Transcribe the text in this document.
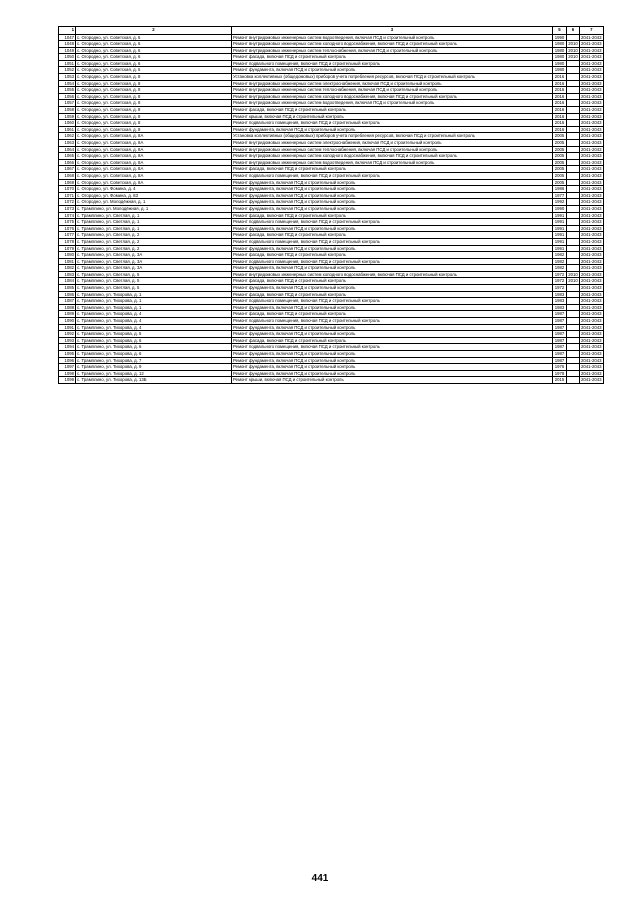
1	2	3	5	6	7
1047	с. Огородно, ул. Советская, д. 6	Ремонт внутридомовых инженерных систем водоотведения, включая ПСД и строительный контроль	1990		2041-2043
1048	с. Огородно, ул. Советская, д. 6	Ремонт внутридомовых инженерных систем холодного водоснабжения, включая ПСД и строительный контроль	1980	2010	2041-2043
1049	с. Огородно, ул. Советская, д. 6	Ремонт внутридомовых инженерных систем теплоснабжения, включая ПСД и строительный контроль	1980	2010	2041-2043
1050	с. Огородно, ул. Советская, д. 6	Ремонт фасада, включая ПСД и строительный контроль	1980	2010	2041-2043
1051	с. Огородно, ул. Советская, д. 6	Ремонт подвального помещения, включая ПСД и строительный контроль	1980		2041-2043
1052	с. Огородно, ул. Советская, д. 6	Ремонт фундамента, включая ПСД и строительный контроль	1980		2041-2043
1053	с. Огородно, ул. Советская, д. 8	Установка коллективных (общедомовых) приборов учета потребления ресурсов, включая ПСД и строительный контроль	2016		2041-2043
1054	с. Огородно, ул. Советская, д. 8	Ремонт внутридомовых инженерных систем электроснабжения, включая ПСД и строительный контроль	2016		2041-2043
1055	с. Огородно, ул. Советская, д. 8	Ремонт внутридомовых инженерных систем теплоснабжения, включая ПСД и строительный контроль	2016		2041-2043
1056	с. Огородно, ул. Советская, д. 8	Ремонт внутридомовых инженерных систем холодного водоснабжения, включая ПСД и строительный контроль	2016		2041-2043
1057	с. Огородно, ул. Советская, д. 8	Ремонт внутридомовых инженерных систем водоотведения, включая ПСД и строительный контроль	2016		2041-2043
1058	с. Огородно, ул. Советская, д. 8	Ремонт фасада, включая ПСД и строительный контроль	2016		2041-2043
1059	с. Огородно, ул. Советская, д. 8	Ремонт крыши, включая ПСД и строительный контроль	2016		2041-2043
1060	с. Огородно, ул. Советская, д. 8	Ремонт подвального помещения, включая ПСД и строительный контроль	2016		2041-2043
1061	с. Огородно, ул. Советская, д. 8	Ремонт фундамента, включая ПСД и строительный контроль	2016		2041-2043
1062	с. Огородно, ул. Советская, д. 8А	Установка коллективных (общедомовых) приборов учета потребления ресурсов, включая ПСД и строительный контроль	2005		2041-2043
1063	с. Огородно, ул. Советская, д. 8А	Ремонт внутридомовых инженерных систем электроснабжения, включая ПСД и строительный контроль	2005		2041-2043
1064	с. Огородно, ул. Советская, д. 8А	Ремонт внутридомовых инженерных систем теплоснабжения, включая ПСД и строительный контроль	2005		2041-2043
1065	с. Огородно, ул. Советская, д. 8А	Ремонт внутридомовых инженерных систем холодного водоснабжения, включая ПСД и строительный контроль	2005		2041-2043
1066	с. Огородно, ул. Советская, д. 8А	Ремонт внутридомовых инженерных систем водоотведения, включая ПСД и строительный контроль	2005		2041-2043
1067	с. Огородно, ул. Советская, д. 8А	Ремонт фасада, включая ПСД и строительный контроль	2005		2041-2043
1068	с. Огородно, ул. Советская, д. 8А	Ремонт подвального помещения, включая ПСД и строительный контроль	2005		2041-2043
1069	с. Огородно, ул. Советская, д. 8А	Ремонт фундамента, включая ПСД и строительный контроль	2005		2041-2043
1070	с. Огородно, ул. Фомина, д. 4	Ремонт фундамента, включая ПСД и строительный контроль	1986		2041-2043
1071	с. Огородно, ул. Фомина, д. 8З	Ремонт фундамента, включая ПСД и строительный контроль	1977		2041-2043
1072	с. Огородно, ул. Молодёжная, д. 1	Ремонт фундамента, включая ПСД и строительный контроль	1992		2041-2043
1073	с. Трамплино, ул. Молодёжная, д. 1	Ремонт фундамента, включая ПСД и строительный контроль	1990		2041-2043
1074	с. Трамплино, ул. Светлая, д. 1	Ремонт фасада, включая ПСД и строительный контроль	1991		2041-2043
1075	с. Трамплино, ул. Светлая, д. 1	Ремонт подвального помещения, включая ПСД и строительный контроль	1991		2041-2043
1076	с. Трамплино, ул. Светлая, д. 1	Ремонт фундамента, включая ПСД и строительный контроль	1991		2041-2043
1077	с. Трамплино, ул. Светлая, д. 2	Ремонт фасада, включая ПСД и строительный контроль	1991		2041-2043
1078	с. Трамплино, ул. Светлая, д. 2	Ремонт подвального помещения, включая ПСД и строительный контроль	1991		2041-2043
1079	с. Трамплино, ул. Светлая, д. 2	Ремонт фундамента, включая ПСД и строительный контроль	1991		2041-2043
1080	с. Трамплино, ул. Светлая, д. 3А	Ремонт фасада, включая ПСД и строительный контроль	1982		2041-2043
1081	с. Трамплино, ул. Светлая, д. 3А	Ремонт подвального помещения, включая ПСД и строительный контроль	1982		2041-2043
1082	с. Трамплино, ул. Светлая, д. 3А	Ремонт фундамента, включая ПСД и строительный контроль	1982		2041-2043
1083	с. Трамплино, ул. Светлая, д. 5	Ремонт внутридомовых инженерных систем холодного водоснабжения, включая ПСД и строительный контроль	1972	2010	2041-2043
1084	с. Трамплино, ул. Светлая, д. 5	Ремонт фасада, включая ПСД и строительный контроль	1972	2010	2041-2043
1085	с. Трамплино, ул. Светлая, д. 5	Ремонт фундамента, включая ПСД и строительный контроль	1972		2041-2043
1086	с. Трамплино, ул. Тихорова, д. 1	Ремонт фасада, включая ПСД и строительный контроль	1983		2041-2043
1087	с. Трамплино, ул. Тихорова, д. 1	Ремонт подвального помещения, включая ПСД и строительный контроль	1983		2041-2043
1088	с. Трамплино, ул. Тихорова, д. 1	Ремонт фундамента, включая ПСД и строительный контроль	1983		2041-2043
1089	с. Трамплино, ул. Тихорова, д. 4	Ремонт фасада, включая ПСД и строительный контроль	1987		2041-2043
1090	с. Трамплино, ул. Тихорова, д. 4	Ремонт подвального помещения, включая ПСД и строительный контроль	1987		2041-2043
1091	с. Трамплино, ул. Тихорова, д. 4	Ремонт фундамента, включая ПСД и строительный контроль	1987		2041-2043
1092	с. Трамплино, ул. Тихорова, д. 5	Ремонт фундамента, включая ПСД и строительный контроль	1987		2041-2043
1093	с. Трамплино, ул. Тихорова, д. 6	Ремонт фасада, включая ПСД и строительный контроль	1987		2041-2043
1094	с. Трамплино, ул. Тихорова, д. 6	Ремонт подвального помещения, включая ПСД и строительный контроль	1987		2041-2043
1095	с. Трамплино, ул. Тихорова, д. 6	Ремонт фундамента, включая ПСД и строительный контроль	1987		2041-2043
1096	с. Трамплино, ул. Тихорова, д. 7	Ремонт фундамента, включая ПСД и строительный контроль	1987		2041-2043
1097	с. Трамплино, ул. Тихорова, д. 9	Ремонт фундамента, включая ПСД и строительный контроль	1976		2041-2043
1098	с. Трамплино, ул. Тихорова, д. 12	Ремонт фундамента, включая ПСД и строительный контроль	1978		2041-2043
1099	с. Трамплино, ул. Тихорова, д. 13Б	Ремонт крыши, включая ПСД и строительный контроль	2015		2041-2043
441
